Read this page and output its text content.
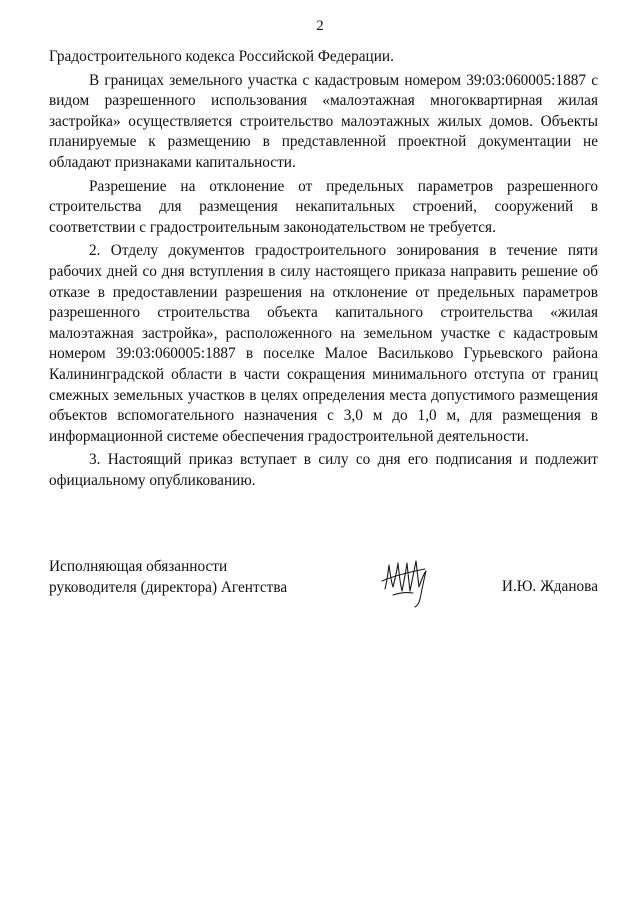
2

Градостроительного кодекса Российской Федерации.

В границах земельного участка с кадастровым номером 39:03:060005:1887 с видом разрешенного использования «малоэтажная многоквартирная жилая застройка» осуществляется строительство малоэтажных жилых домов. Объекты планируемые к размещению в представленной проектной документации не обладают признаками капитальности.

Разрешение на отклонение от предельных параметров разрешенного строительства для размещения некапитальных строений, сооружений в соответствии с градостроительным законодательством не требуется.

2. Отделу документов градостроительного зонирования в течение пяти рабочих дней со дня вступления в силу настоящего приказа направить решение об отказе в предоставлении разрешения на отклонение от предельных параметров разрешенного строительства объекта капитального строительства «жилая малоэтажная застройка», расположенного на земельном участке с кадастровым номером 39:03:060005:1887 в поселке Малое Васильково Гурьевского района Калининградской области в части сокращения минимального отступа от границ смежных земельных участков в целях определения места допустимого размещения объектов вспомогательного назначения с 3,0 м до 1,0 м, для размещения в информационной системе обеспечения градостроительной деятельности.

3. Настоящий приказ вступает в силу со дня его подписания и подлежит официальному опубликованию.

Исполняющая обязанности
руководителя (директора) Агентства	И.Ю. Жданова
